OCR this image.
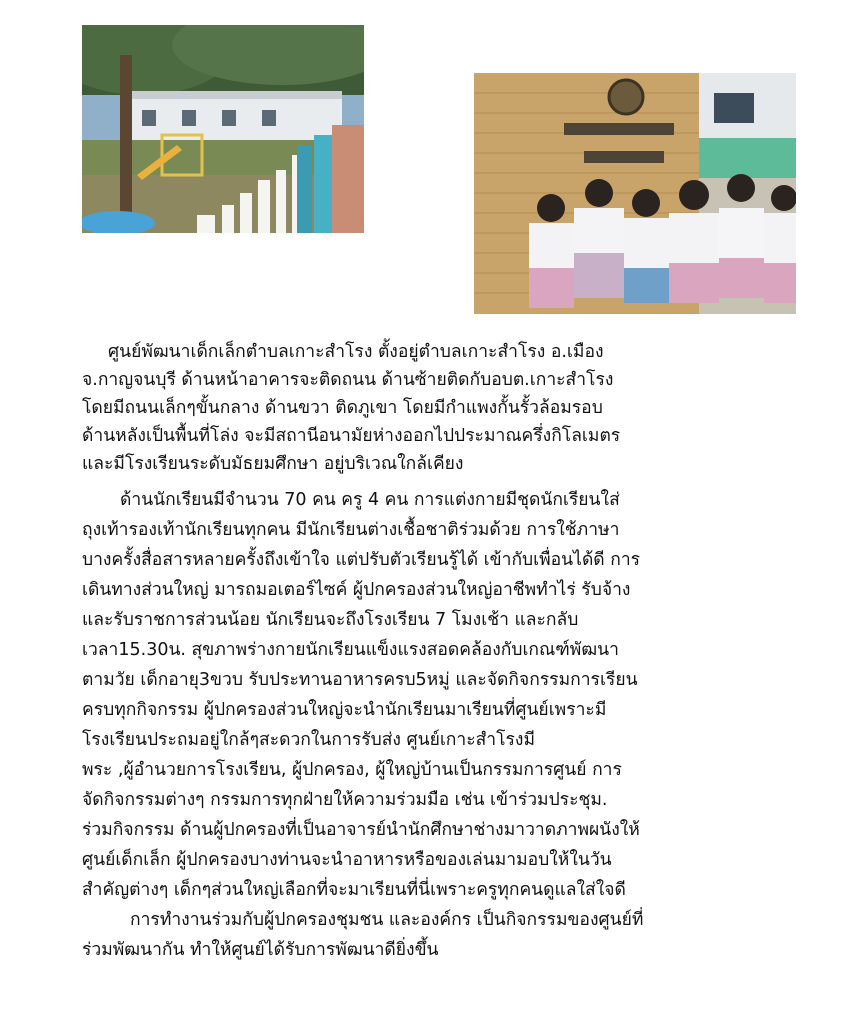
ศูนย์พัฒนาเด็กเล็กตำบลเกาะสำโรง ตั้งอยู่ตำบลเกาะสำโรง อ.เมือง
จ.กาญจนบุรี ด้านหน้าอาคารจะติดถนน ด้านซ้ายติดกับอบต.เกาะสำโรง
โดยมีถนนเล็กๆขั้นกลาง ด้านขวา ติดภูเขา โดยมีกำแพงกั้นรั้วล้อมรอบ
ด้านหลังเป็นพื้นที่โล่ง จะมีสถานีอนามัยห่างออกไปประมาณครึ่งกิโลเมตร
และมีโรงเรียนระดับมัธยมศึกษา อยู่บริเวณใกล้เคียง
ด้านนักเรียนมีจำนวน 70 คน ครู 4 คน การแต่งกายมีชุดนักเรียนใส่
ถุงเท้ารองเท้านักเรียนทุกคน มีนักเรียนต่างเชื้อชาติร่วมด้วย การใช้ภาษา
บางครั้งสื่อสารหลายครั้งถึงเข้าใจ แต่ปรับตัวเรียนรู้ได้ เข้ากับเพื่อนได้ดี การ
เดินทางส่วนใหญ่ มารถมอเตอร์ไซค์ ผู้ปกครองส่วนใหญ่อาชีพทำไร่ รับจ้าง
และรับราชการส่วนน้อย นักเรียนจะถึงโรงเรียน 7 โมงเช้า และกลับ
เวลา15.30น. สุขภาพร่างกายนักเรียนแข็งแรงสอดคล้องกับเกณฑ์พัฒนา
ตามวัย เด็กอายุ3ขวบ รับประทานอาหารครบ5หมู่ และจัดกิจกรรมการเรียน
ครบทุกกิจกรรม ผู้ปกครองส่วนใหญ่จะนำนักเรียนมาเรียนที่ศูนย์เพราะมี
โรงเรียนประถมอยู่ใกล้ๆสะดวกในการรับส่ง ศูนย์เกาะสำโรงมี
พระ ,ผู้อำนวยการโรงเรียน, ผู้ปกครอง, ผู้ใหญ่บ้านเป็นกรรมการศูนย์ การ
จัดกิจกรรมต่างๆ กรรมการทุกฝ่ายให้ความร่วมมือ เช่น เข้าร่วมประชุม.
ร่วมกิจกรรม ด้านผู้ปกครองที่เป็นอาจารย์นำนักศึกษาช่างมาวาดภาพผนังให้
ศูนย์เด็กเล็ก ผู้ปกครองบางท่านจะนำอาหารหรือของเล่นมามอบให้ในวัน
สำคัญต่างๆ เด็กๆส่วนใหญ่เลือกที่จะมาเรียนที่นี่เพราะครูทุกคนดูแลใส่ใจดี
การทำงานร่วมกับผู้ปกครองชุมชน และองค์กร เป็นกิจกรรมของศูนย์ที่
ร่วมพัฒนากัน ทำให้ศูนย์ได้รับการพัฒนาดียิ่งขึ้น
